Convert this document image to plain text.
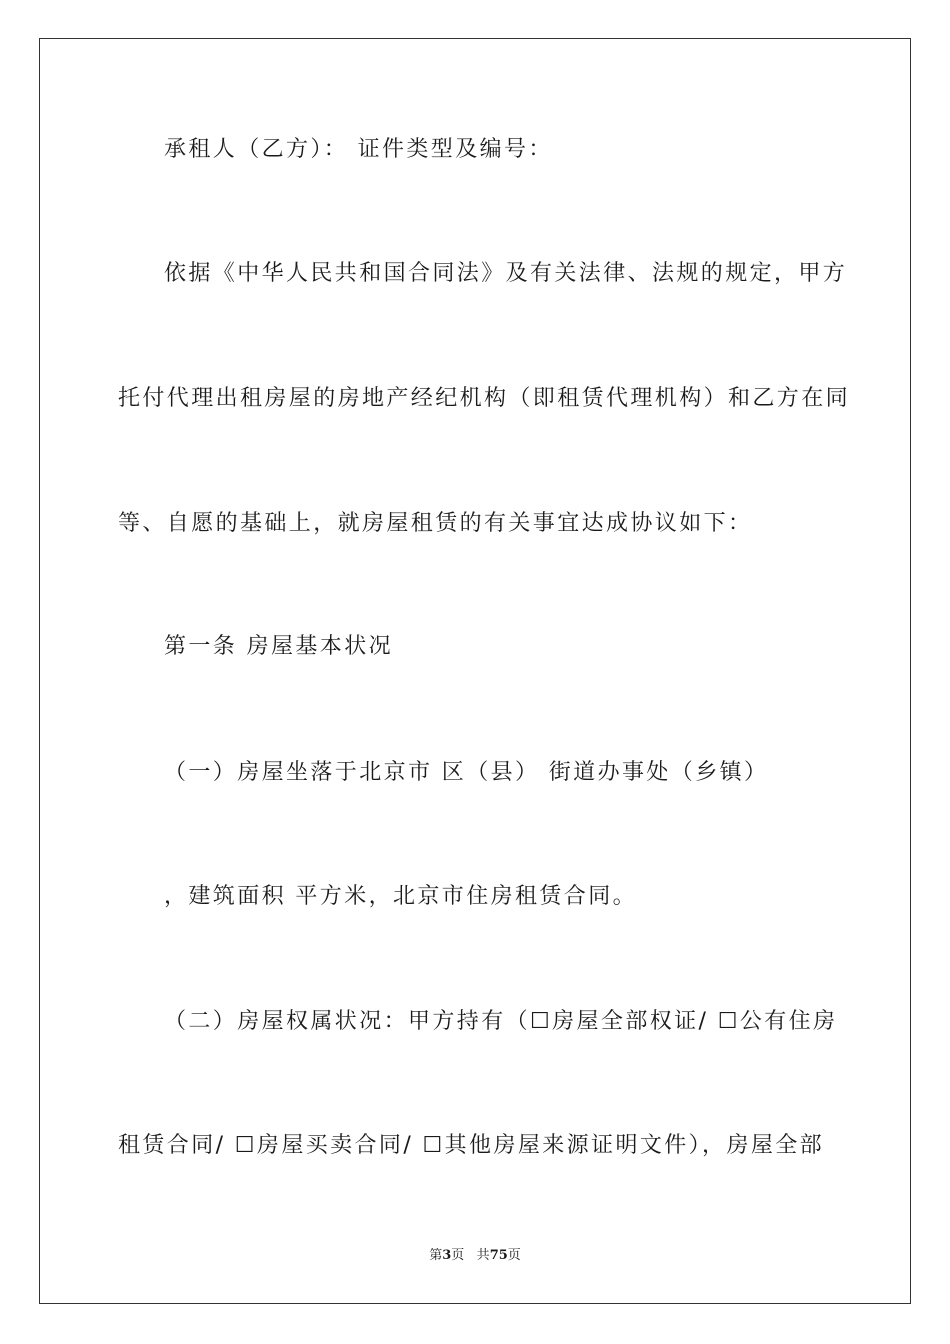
承租人（乙方）： 证件类型及编号：
依据《中华人民共和国合同法》及有关法律、法规的规定，甲方
托付代理出租房屋的房地产经纪机构（即租赁代理机构）和乙方在同
等、自愿的基础上，就房屋租赁的有关事宜达成协议如下：
第一条 房屋基本状况
（一）房屋坐落于北京市 区（县） 街道办事处（乡镇）
，建筑面积 平方米，北京市住房租赁合同。
（二）房屋权属状况：甲方持有（☐房屋全部权证/ ☐公有住房
租赁合同/ ☐房屋买卖合同/ ☐其他房屋来源证明文件），房屋全部
第3页 共75页
